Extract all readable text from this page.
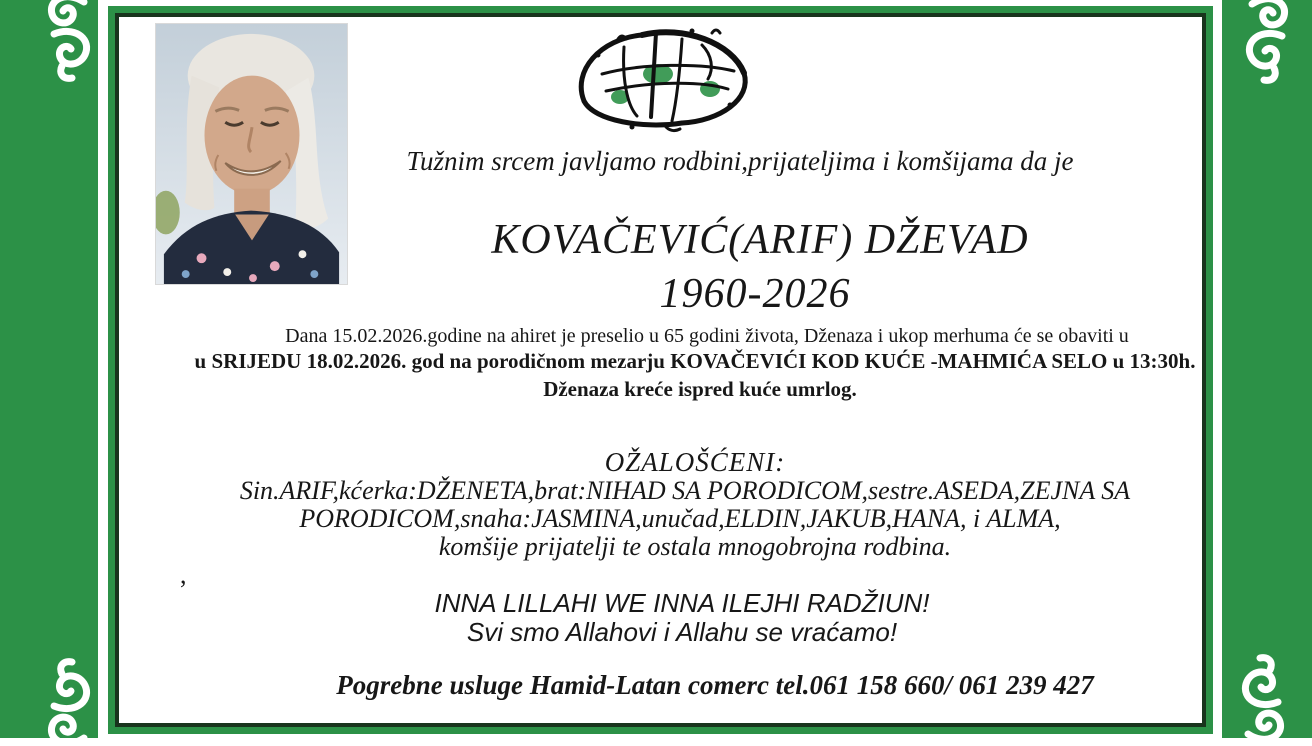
Tužnim srcem javljamo rodbini,prijateljima i komšijama da je
KOVAČEVIĆ(ARIF) DŽEVAD
1960-2026
Dana 15.02.2026.godine na ahiret je preselio u 65 godini života, Dženaza i ukop merhuma će se obaviti u
u SRIJEDU 18.02.2026. god na porodičnom mezarju KOVAČEVIĆI KOD KUĆE -MAHMIĆA SELO u 13:30h.
Dženaza kreće ispred kuće umrlog.
OŽALOŠĆENI:
Sin.ARIF,kćerka:DŽENETA,brat:NIHAD SA PORODICOM,sestre.ASEDA,ZEJNA SA
PORODICOM,snaha:JASMINA,unučad,ELDIN,JAKUB,HANA, i ALMA,
komšije prijatelji te ostala mnogobrojna rodbina.
INNA LILLAHI WE INNA ILEJHI RADŽIUN!
Svi smo Allahovi i Allahu se vraćamo!
Pogrebne usluge Hamid-Latan comerc tel.061 158 660/ 061 239 427
,
